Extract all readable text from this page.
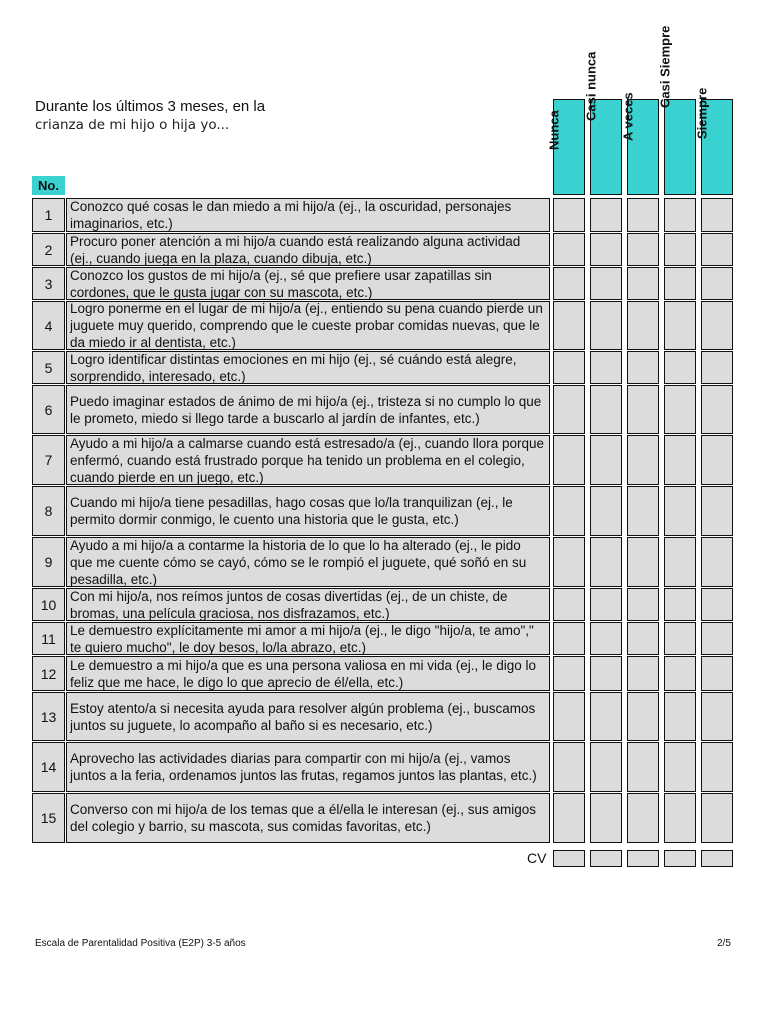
Durante los últimos 3 meses, en la
crianza de mi hijo o hija yo...
No.
Nunca
Casi nunca A veces
Casi Siempre
Siempre
1
Conozco qué cosas le dan miedo a mi hijo/a (ej., la oscuridad, personajes imaginarios, etc.)
2
Procuro poner atención a mi hijo/a cuando está realizando alguna actividad (ej., cuando juega en la plaza, cuando dibuja, etc.)
3
Conozco los gustos de mi hijo/a (ej., sé que prefiere usar zapatillas sin cordones, que le gusta jugar con su mascota, etc.)
4
Logro ponerme en el lugar de mi hijo/a (ej., entiendo su pena cuando pierde un juguete muy querido, comprendo que le cueste probar comidas nuevas, que le da miedo ir al dentista, etc.)
5
Logro identificar distintas emociones en mi hijo (ej., sé cuándo está alegre, sorprendido, interesado, etc.)
6
Puedo imaginar estados de ánimo de mi hijo/a (ej., tristeza si no cumplo lo que le prometo, miedo si llego tarde a buscarlo al jardín de infantes, etc.)
7
Ayudo a mi hijo/a a calmarse cuando está estresado/a (ej., cuando llora porque enfermó, cuando está frustrado porque ha tenido un problema en el colegio, cuando pierde en un juego, etc.)
8
Cuando mi hijo/a tiene pesadillas, hago cosas que lo/la tranquilizan (ej., le permito dormir conmigo, le cuento una historia que le gusta, etc.)
9
Ayudo a mi hijo/a a contarme la historia de lo que lo ha alterado (ej., le pido que me cuente cómo se cayó, cómo se le rompió el juguete, qué soñó en su pesadilla, etc.)
10
Con mi hijo/a, nos reímos juntos de cosas divertidas (ej., de un chiste, de bromas, una película graciosa, nos disfrazamos, etc.)
11
Le demuestro explícitamente mi amor a mi hijo/a (ej., le digo "hijo/a, te amo"," te quiero mucho", le doy besos, lo/la abrazo, etc.)
12
Le demuestro a mi hijo/a que es una persona valiosa en mi vida (ej., le digo lo feliz que me hace, le digo lo que aprecio de él/ella, etc.)
13
Estoy atento/a si necesita ayuda para resolver algún problema (ej., buscamos juntos su juguete, lo acompaño al baño si es necesario, etc.)
14
Aprovecho las actividades diarias para compartir con mi hijo/a (ej., vamos juntos a la feria, ordenamos juntos las frutas, regamos juntos las plantas, etc.)
15
Converso con mi hijo/a de los temas que a él/ella le interesan (ej., sus amigos del colegio y barrio, su mascota, sus comidas favoritas, etc.)
CV
Escala de Parentalidad Positiva (E2P) 3-5 años	2/5
